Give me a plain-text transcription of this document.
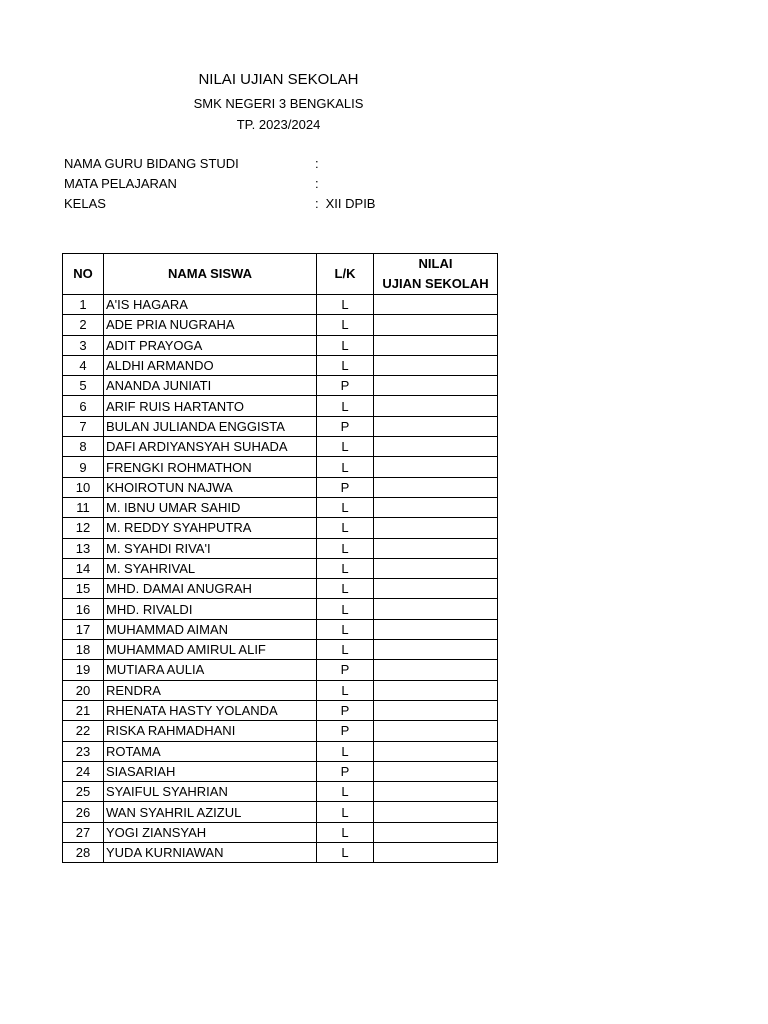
NILAI UJIAN SEKOLAH
SMK NEGERI 3 BENGKALIS
TP. 2023/2024
NAMA GURU BIDANG STUDI	:
MATA PELAJARAN	:
KELAS	: XII DPIB
NO	NAMA SISWA	L/K	NILAI
UJIAN SEKOLAH

1	A'IS HAGARA	L	
2	ADE PRIA NUGRAHA	L	
3	ADIT PRAYOGA	L	
4	ALDHI ARMANDO	L	
5	ANANDA JUNIATI	P	
6	ARIF RUIS HARTANTO	L	
7	BULAN JULIANDA ENGGISTA	P	
8	DAFI ARDIYANSYAH SUHADA	L	
9	FRENGKI ROHMATHON	L	
10	KHOIROTUN NAJWA	P	
11	M. IBNU UMAR SAHID	L	
12	M. REDDY SYAHPUTRA	L	
13	M. SYAHDI RIVA'I	L	
14	M. SYAHRIVAL	L	
15	MHD. DAMAI ANUGRAH	L	
16	MHD. RIVALDI	L	
17	MUHAMMAD AIMAN	L	
18	MUHAMMAD AMIRUL ALIF	L	
19	MUTIARA AULIA	P	
20	RENDRA	L	
21	RHENATA HASTY YOLANDA	P	
22	RISKA RAHMADHANI	P	
23	ROTAMA	L	
24	SIASARIAH	P	
25	SYAIFUL SYAHRIAN	L	
26	WAN SYAHRIL AZIZUL	L	
27	YOGI ZIANSYAH	L	
28	YUDA KURNIAWAN	L	
